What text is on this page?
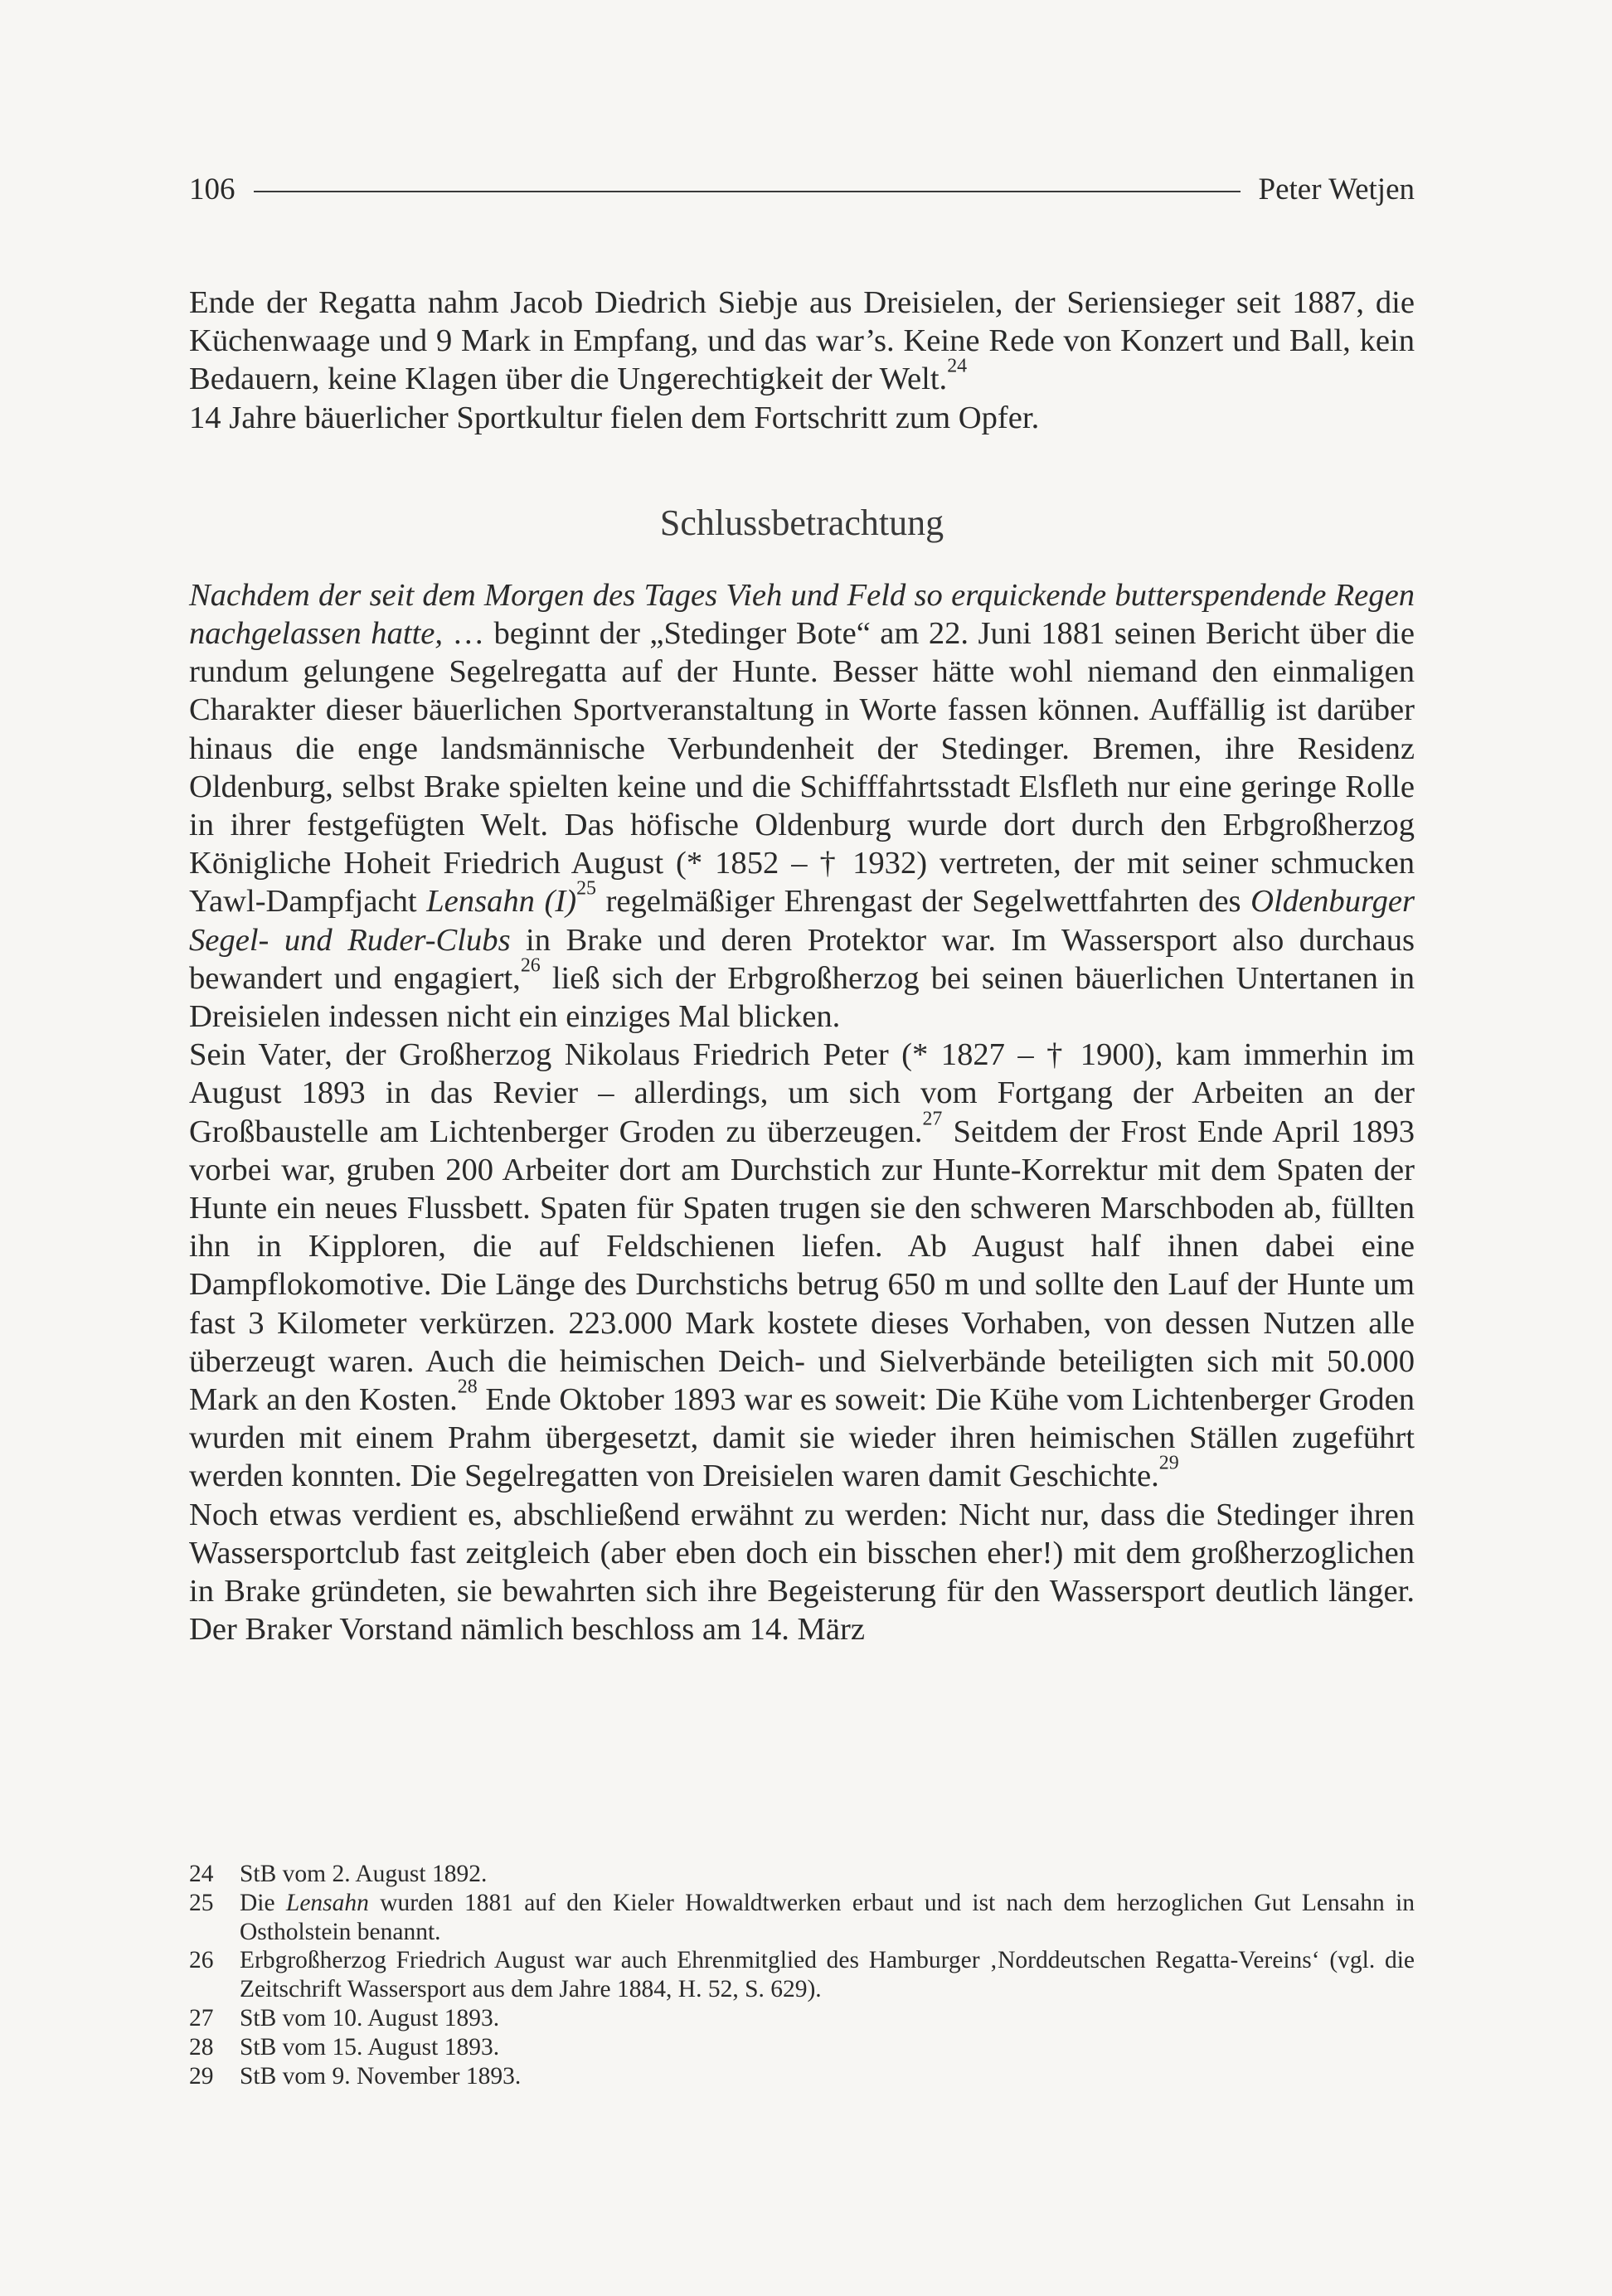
106	Peter Wetjen

Ende der Regatta nahm Jacob Diedrich Siebje aus Dreisielen, der Seriensieger seit 1887, die Küchenwaage und 9 Mark in Empfang, und das war’s. Keine Rede von Konzert und Ball, kein Bedauern, keine Klagen über die Ungerechtigkeit der Welt.$^{24}$

14 Jahre bäuerlicher Sportkultur fielen dem Fortschritt zum Opfer.

Schlussbetrachtung

Nachdem der seit dem Morgen des Tages Vieh und Feld so erquickende butterspendende Regen nachgelassen hatte, … beginnt der „Stedinger Bote“ am 22. Juni 1881 seinen Bericht über die rundum gelungene Segelregatta auf der Hunte. Besser hätte wohl niemand den einmaligen Charakter dieser bäuerlichen Sportveranstaltung in Worte fassen können. Auffällig ist darüber hinaus die enge landsmännische Verbundenheit der Stedinger. Bremen, ihre Residenz Oldenburg, selbst Brake spielten keine und die Schifffahrtsstadt Elsfleth nur eine geringe Rolle in ihrer festgefügten Welt. Das höfische Oldenburg wurde dort durch den Erbgroßherzog Königliche Hoheit Friedrich August (* 1852 – † 1932) vertreten, der mit seiner schmucken Yawl-Dampfjacht Lensahn $(I)^{25}$ regelmäßiger Ehrengast der Segelwettfahrten des Oldenburger Segel- und Ruder-Clubs in Brake und deren Protektor war. Im Wassersport also durchaus bewandert und engagiert,$^{26}$ ließ sich der Erbgroßherzog bei seinen bäuerlichen Untertanen in Dreisielen indessen nicht ein einziges Mal blicken.

Sein Vater, der Großherzog Nikolaus Friedrich Peter (* 1827 – † 1900), kam immerhin im August 1893 in das Revier – allerdings, um sich vom Fortgang der Arbeiten an der Großbaustelle am Lichtenberger Groden zu überzeugen.$^{27}$ Seitdem der Frost Ende April 1893 vorbei war, gruben 200 Arbeiter dort am Durchstich zur Hunte-Korrektur mit dem Spaten der Hunte ein neues Flussbett. Spaten für Spaten trugen sie den schweren Marschboden ab, füllten ihn in Kipploren, die auf Feldschienen liefen. Ab August half ihnen dabei eine Dampflokomotive. Die Länge des Durchstichs betrug 650 m und sollte den Lauf der Hunte um fast 3 Kilometer verkürzen. 223.000 Mark kostete dieses Vorhaben, von dessen Nutzen alle überzeugt waren. Auch die heimischen Deich- und Sielverbände beteiligten sich mit 50.000 Mark an den Kosten.$^{28}$ Ende Oktober 1893 war es soweit: Die Kühe vom Lichtenberger Groden wurden mit einem Prahm übergesetzt, damit sie wieder ihren heimischen Ställen zugeführt werden konnten. Die Segelregatten von Dreisielen waren damit Geschichte.$^{29}$

Noch etwas verdient es, abschließend erwähnt zu werden: Nicht nur, dass die Stedinger ihren Wassersportclub fast zeitgleich (aber eben doch ein bisschen eher!) mit dem großherzoglichen in Brake gründeten, sie bewahrten sich ihre Begeisterung für den Wassersport deutlich länger. Der Braker Vorstand nämlich beschloss am 14. März

24	StB vom 2. August 1892.
25	Die Lensahn wurden 1881 auf den Kieler Howaldtwerken erbaut und ist nach dem herzoglichen Gut Lensahn in Ostholstein benannt.
26	Erbgroßherzog Friedrich August war auch Ehrenmitglied des Hamburger ‚Norddeutschen Regatta-Vereins‘ (vgl. die Zeitschrift Wassersport aus dem Jahre 1884, H. 52, S. 629).
27	StB vom 10. August 1893.
28	StB vom 15. August 1893.
29	StB vom 9. November 1893.
